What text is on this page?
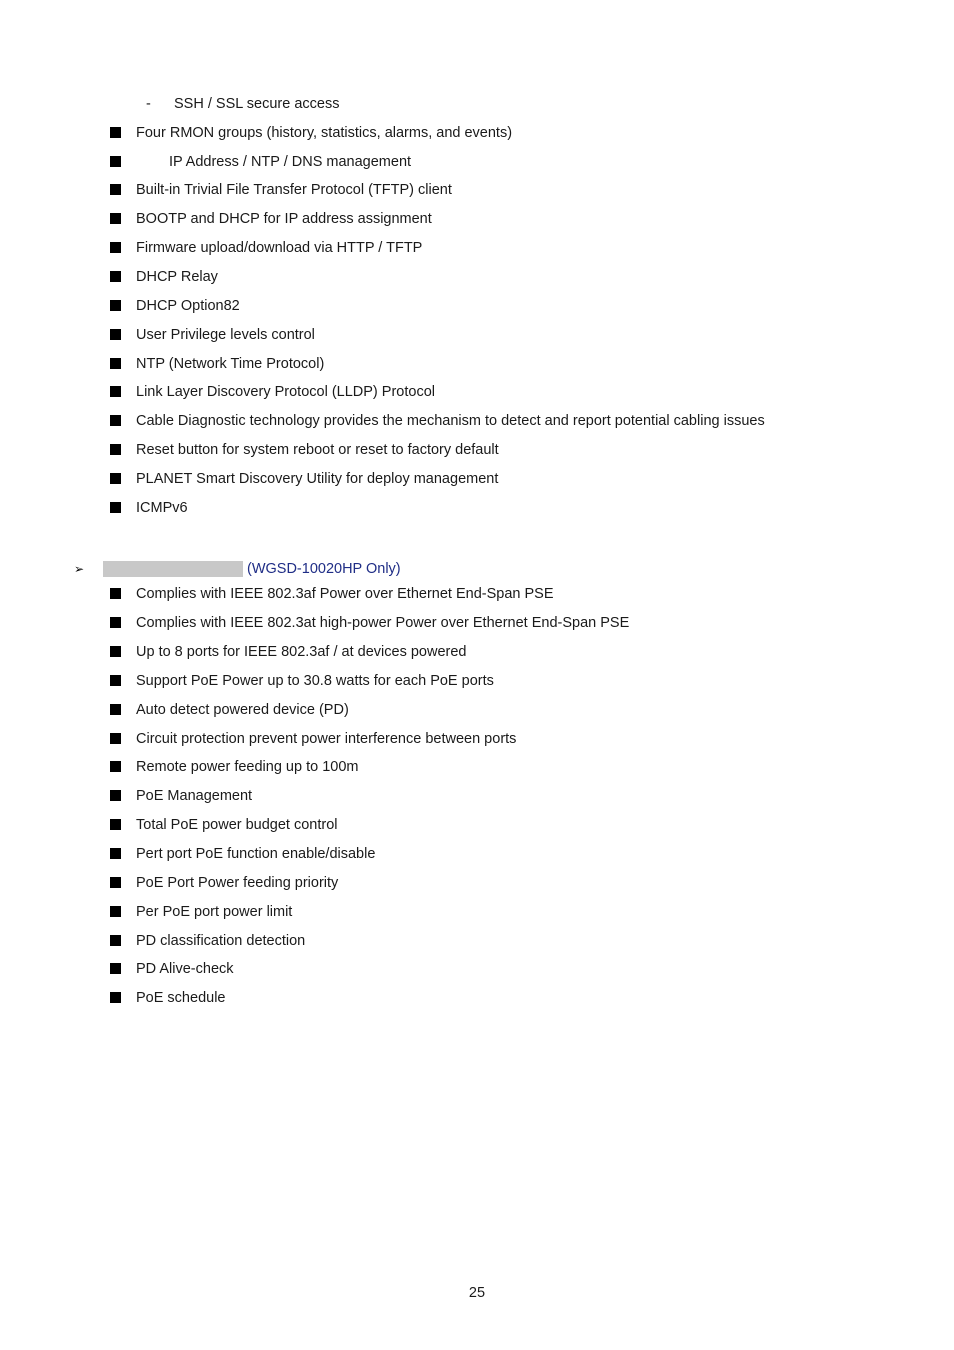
-	SSH / SSL secure access
Four RMON groups (history, statistics, alarms, and events)
IP Address / NTP / DNS management
Built-in Trivial File Transfer Protocol (TFTP) client
BOOTP and DHCP for IP address assignment
Firmware upload/download via HTTP / TFTP
DHCP Relay
DHCP Option82
User Privilege levels control
NTP (Network Time Protocol)
Link Layer Discovery Protocol (LLDP) Protocol
Cable Diagnostic technology provides the mechanism to detect and report potential cabling issues
Reset button for system reboot or reset to factory default
PLANET Smart Discovery Utility for deploy management
ICMPv6
➢	(WGSD-10020HP Only)
Complies with IEEE 802.3af Power over Ethernet End-Span PSE
Complies with IEEE 802.3at high-power Power over Ethernet End-Span PSE
Up to 8 ports for IEEE 802.3af / at devices powered
Support PoE Power up to 30.8 watts for each PoE ports
Auto detect powered device (PD)
Circuit protection prevent power interference between ports
Remote power feeding up to 100m
PoE Management
Total PoE power budget control
Pert port PoE function enable/disable
PoE Port Power feeding priority
Per PoE port power limit
PD classification detection
PD Alive-check
PoE schedule
25
